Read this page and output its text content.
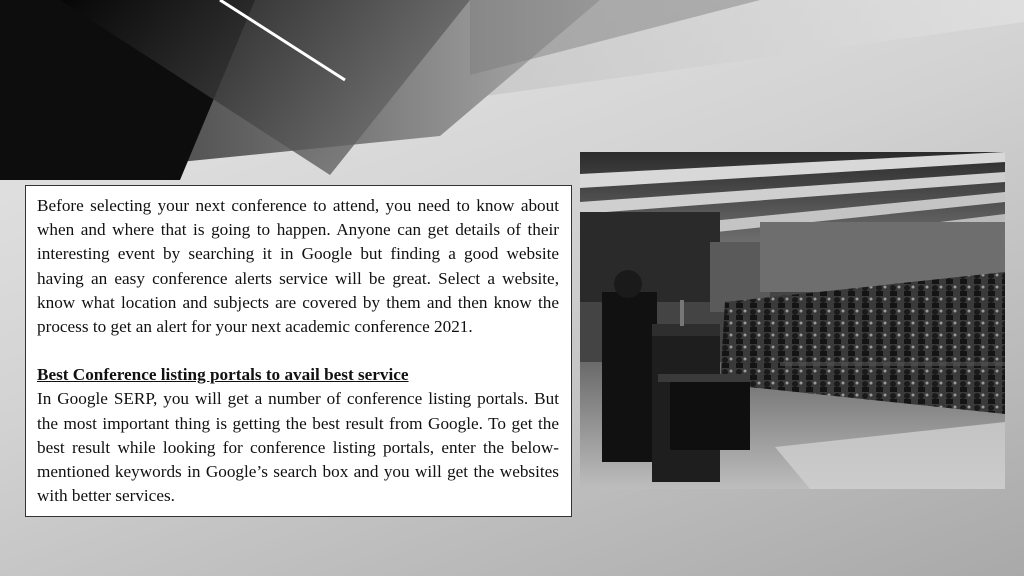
Before selecting your next conference to attend, you need to know about when and where that is going to happen. Anyone can get details of their interesting event by searching it in Google but finding a good website having an easy conference alerts service will be great. Select a website, know what location and subjects are covered by them and then know the process to get an alert for your next academic conference 2021.

Best Conference listing portals to avail best service

In Google SERP, you will get a number of conference listing portals. But the most important thing is getting the best result from Google. To get the best result while looking for conference listing portals, enter the below-mentioned keywords in Google’s search box and you will get the websites with better services.
